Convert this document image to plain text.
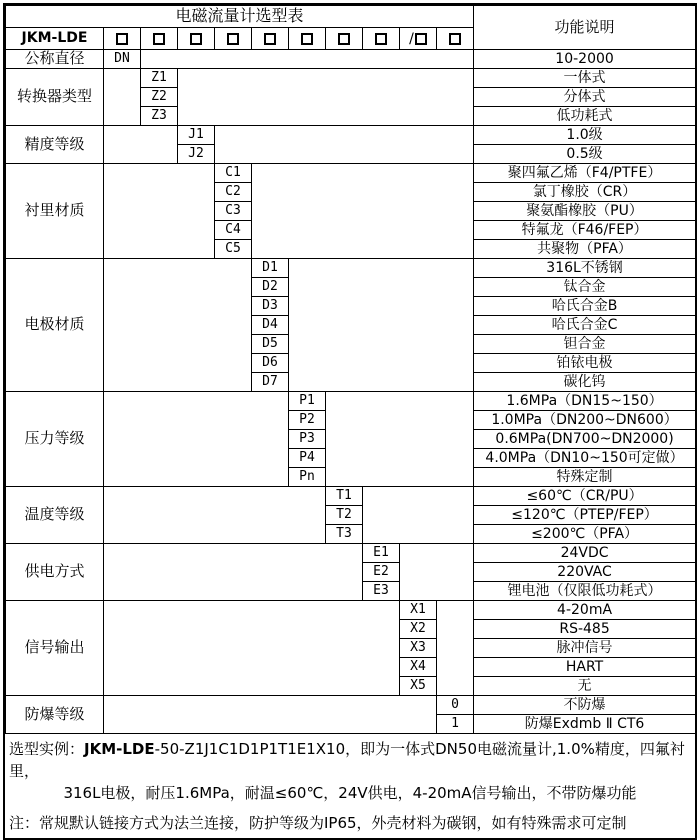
电磁流量计选型表											功能说明
JKM-LDE									/		
公称直径	DN										10-2000
转换器类型		Z1									一体式
		Z2									分体式
		Z3									低功耗式
精度等级			J1								1.0级
			J2								0.5级
衬里材质				C1							聚四氟乙烯（F4/PTFE）
				C2							氯丁橡胶（CR）
				C3							聚氨酯橡胶（PU）
				C4							特氟龙（F46/FEP）
				C5							共聚物（PFA）
电极材质					D1						316L不锈钢
					D2						钛合金
					D3						哈氏合金B
					D4						哈氏合金C
					D5						钽合金
					D6						铂铱电极
					D7						碳化钨
压力等级						P1					1.6MPa（DN15~150）
						P2					1.0MPa（DN200~DN600）
						P3					0.6MPa(DN700~DN2000)
						P4					4.0MPa（DN10~150可定做）
						Pn					特殊定制
温度等级							T1				≤60℃（CR/PU）
							T2				≤120℃（PTEP/FEP）
							T3				≤200℃（PFA）
供电方式								E1			24VDC
								E2			220VAC
								E3			锂电池（仅限低功耗式）
信号输出									X1		4-20mA
									X2		RS-485
									X3		脉冲信号
									X4		HART
									X5		无
防爆等级										0	不防爆
										1	防爆Exdmb Ⅱ CT6
选型实例：JKM-LDE-50-Z1J1C1D1P1T1E1X10，即为一体式DN50电磁流量计,1.0%精度，四氟衬里，
316L电极，耐压1.6MPa，耐温≤60℃，24V供电，4-20mA信号输出，不带防爆功能
注：常规默认链接方式为法兰连接，防护等级为IP65，外壳材料为碳钢，如有特殊需求可定制
